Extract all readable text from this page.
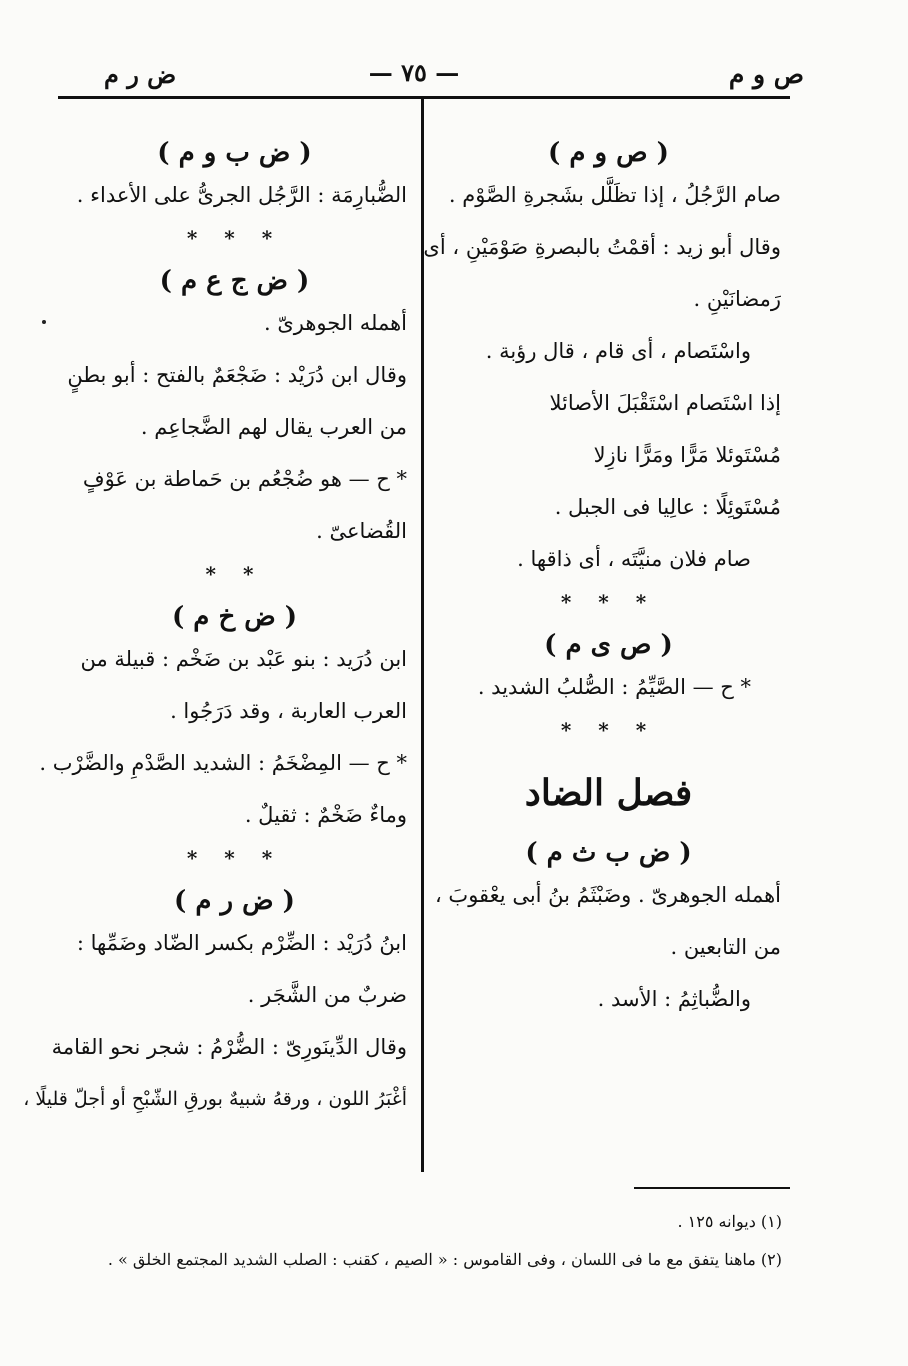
ص و م
— ٧٥ —
ض ر م
( ص و م )
صام الرَّجُلُ ، إذا تظَلَّل بشَجرةِ الصَّوْم .
وقال أبو زيد : أقمْتُ بالبصرةِ صَوْمَيْنِ ، أى
رَمضانَيْنِ .
واسْتَصام ، أى قام ، قال رؤبة .
إذا اسْتَصام اسْتَقْبَلَ الأصائلا
مُسْتَوئلا مَرًّا ومَرًّا نازِلا
مُسْتَوئِلًا : عالِيا فى الجبل .
صام فلان منيَّتَه ، أى ذاقها .
* * *
( ص ى م )
* ح — الصَّيِّمُ : الصُّلبُ الشديد .
* * *
فصل الضاد
( ض ب ث م )
أهمله الجوهرىّ . وضَبْثَمُ بنُ أبى يعْقوبَ ،
من التابعين .
والضُّباثِمُ : الأسد .
( ض ب و م )
الضُّبارِمَة : الرَّجُل الجرىُّ على الأعداء .
* * *
( ض ج ع م )
أهمله الجوهرىّ .
وقال ابن دُرَيْد : ضَجْعَمٌ بالفتح : أبو بطنٍ
من العرب يقال لهم الضَّجاعِم .
* ح — هو ضُجْعُم بن حَماطة بن عَوْفٍ
القُضاعىّ .
* *
( ض خ م )
ابن دُرَيد : بنو عَبْد بن ضَخْم : قبيلة من
العرب العاربة ، وقد دَرَجُوا .
* ح — المِضْخَمُ : الشديد الصَّدْمِ والضَّرْب .
وماءٌ ضَخْمٌ : ثقيلٌ .
* * *
( ض ر م )
ابنُ دُرَيْد : الضِّرْم بكسر الضّاد وضَمِّها :
ضربٌ من الشَّجَر .
وقال الدِّينَورِىّ : الضُّرْمُ : شجر نحو القامة
أغْبَرُ اللون ، ورقهُ شبيهٌ بورقِ الشّبْحِ أو أجلّ قليلًا ،
(١) ديوانه ١٢٥ .
(٢) ماهنا يتفق مع ما فى اللسان ، وفى القاموس : « الصيم ، كقنب : الصلب الشديد المجتمع الخلق » .
